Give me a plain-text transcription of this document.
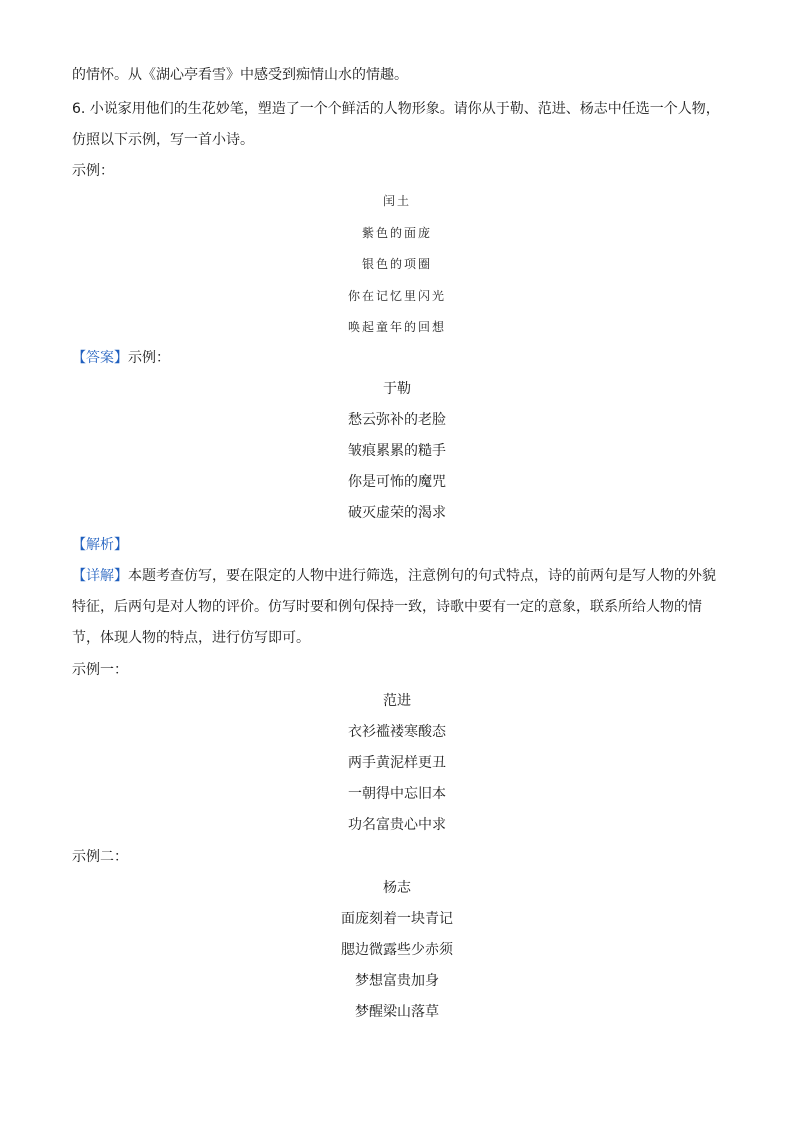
的情怀。从《湖心亭看雪》中感受到痴情山水的情趣。
6. 小说家用他们的生花妙笔，塑造了一个个鲜活的人物形象。请你从于勒、范进、杨志中任选一个人物，
仿照以下示例，写一首小诗。
示例：
闰土
紫色的面庞
银色的项圈
你在记忆里闪光
唤起童年的回想
【答案】示例：
于勒
愁云弥补的老脸
皱痕累累的糙手
你是可怖的魔咒
破灭虚荣的渴求
【解析】
【详解】本题考查仿写，要在限定的人物中进行筛选，注意例句的句式特点，诗的前两句是写人物的外貌
特征，后两句是对人物的评价。仿写时要和例句保持一致，诗歌中要有一定的意象，联系所给人物的情
节，体现人物的特点，进行仿写即可。
示例一：
范进
衣衫褴褛寒酸态
两手黄泥样更丑
一朝得中忘旧本
功名富贵心中求
示例二：
杨志
面庞刻着一块青记
腮边微露些少赤须
梦想富贵加身
梦醒梁山落草
